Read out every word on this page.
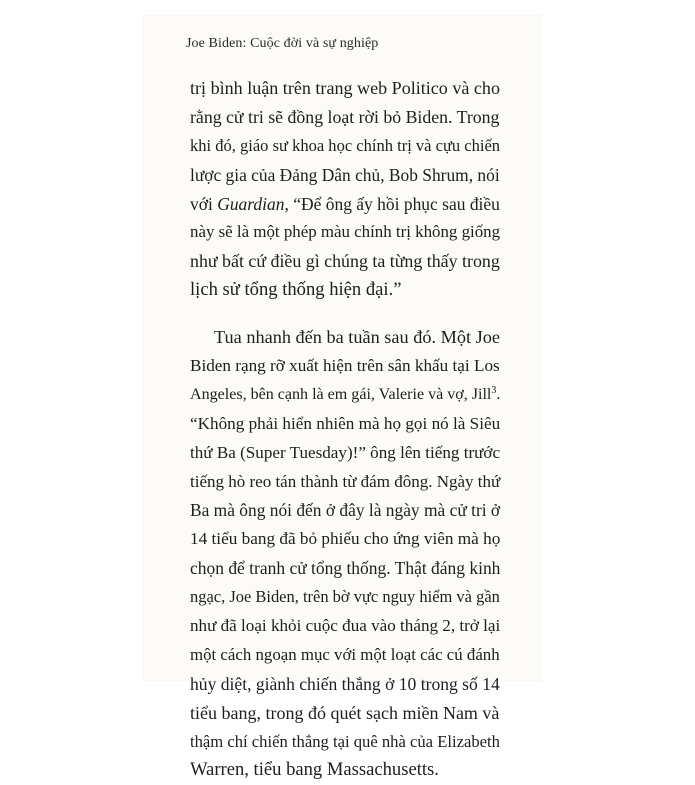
Joe Biden: Cuộc đời và sự nghiệp
trị bình luận trên trang web Politico và cho
rằng cử tri sẽ đồng loạt rời bỏ Biden. Trong
khi đó, giáo sư khoa học chính trị và cựu chiến
lược gia của Đảng Dân chủ, Bob Shrum, nói
với Guardian, “Để ông ấy hồi phục sau điều
này sẽ là một phép màu chính trị không giống
như bất cứ điều gì chúng ta từng thấy trong
lịch sử tổng thống hiện đại.”
Tua nhanh đến ba tuần sau đó. Một Joe
Biden rạng rỡ xuất hiện trên sân khấu tại Los
Angeles, bên cạnh là em gái, Valerie và vợ, Jill$^3$.
“Không phải hiển nhiên mà họ gọi nó là Siêu
thứ Ba (Super Tuesday)!” ông lên tiếng trước
tiếng hò reo tán thành từ đám đông. Ngày thứ
Ba mà ông nói đến ở đây là ngày mà cử tri ở
14 tiểu bang đã bỏ phiếu cho ứng viên mà họ
chọn để tranh cử tổng thống. Thật đáng kinh
ngạc, Joe Biden, trên bờ vực nguy hiểm và gần
như đã loại khỏi cuộc đua vào tháng 2, trở lại
một cách ngoạn mục với một loạt các cú đánh
hủy diệt, giành chiến thắng ở 10 trong số 14
tiểu bang, trong đó quét sạch miền Nam và
thậm chí chiến thắng tại quê nhà của Elizabeth
Warren, tiểu bang Massachusetts.
